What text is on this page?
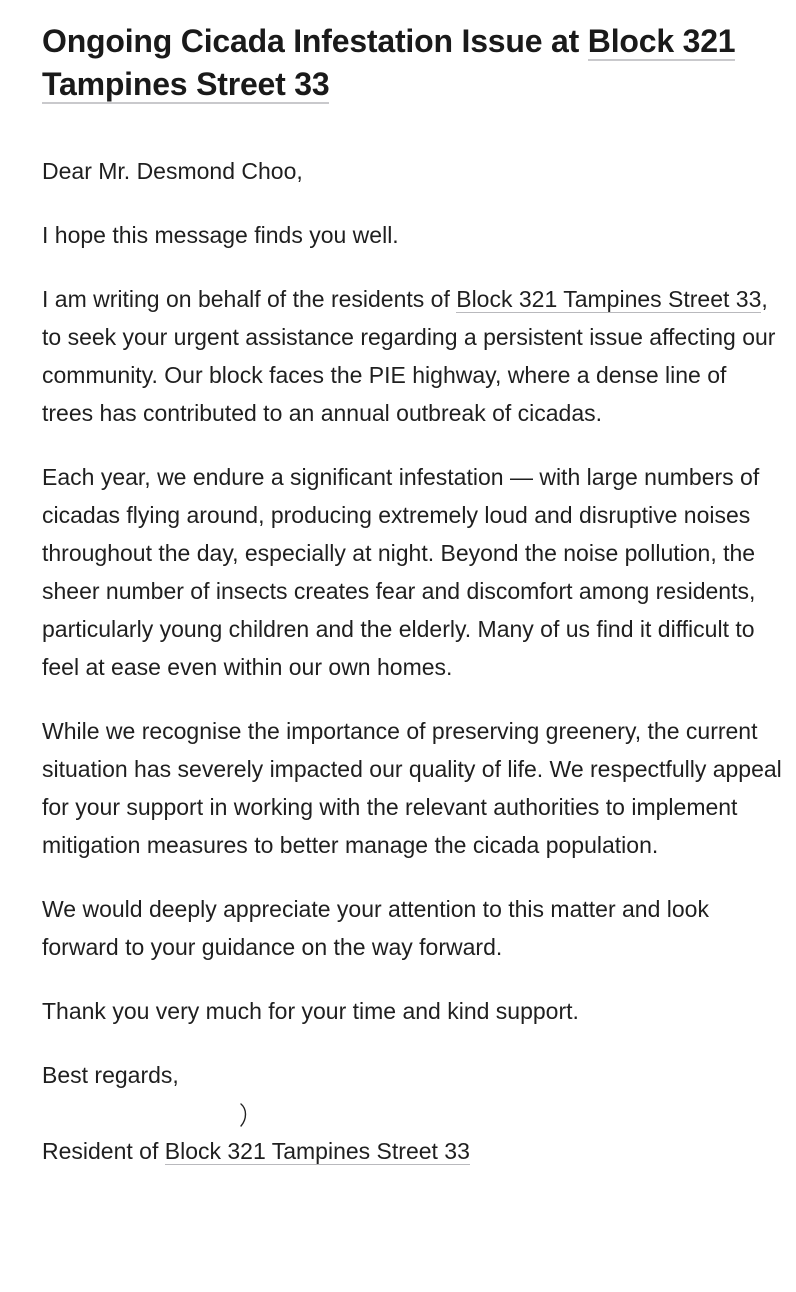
Ongoing Cicada Infestation Issue at Block 321 Tampines Street 33

Dear Mr. Desmond Choo,

I hope this message finds you well.

I am writing on behalf of the residents of Block 321 Tampines Street 33, to seek your urgent assistance regarding a persistent issue affecting our community. Our block faces the PIE highway, where a dense line of trees has contributed to an annual outbreak of cicadas.

Each year, we endure a significant infestation — with large numbers of cicadas flying around, producing extremely loud and disruptive noises throughout the day, especially at night. Beyond the noise pollution, the sheer number of insects creates fear and discomfort among residents, particularly young children and the elderly. Many of us find it difficult to feel at ease even within our own homes.

While we recognise the importance of preserving greenery, the current situation has severely impacted our quality of life. We respectfully appeal for your support in working with the relevant authorities to implement mitigation measures to better manage the cicada population.

We would deeply appreciate your attention to this matter and look forward to your guidance on the way forward.

Thank you very much for your time and kind support.

Best regards,

Resident of Block 321 Tampines Street 33
